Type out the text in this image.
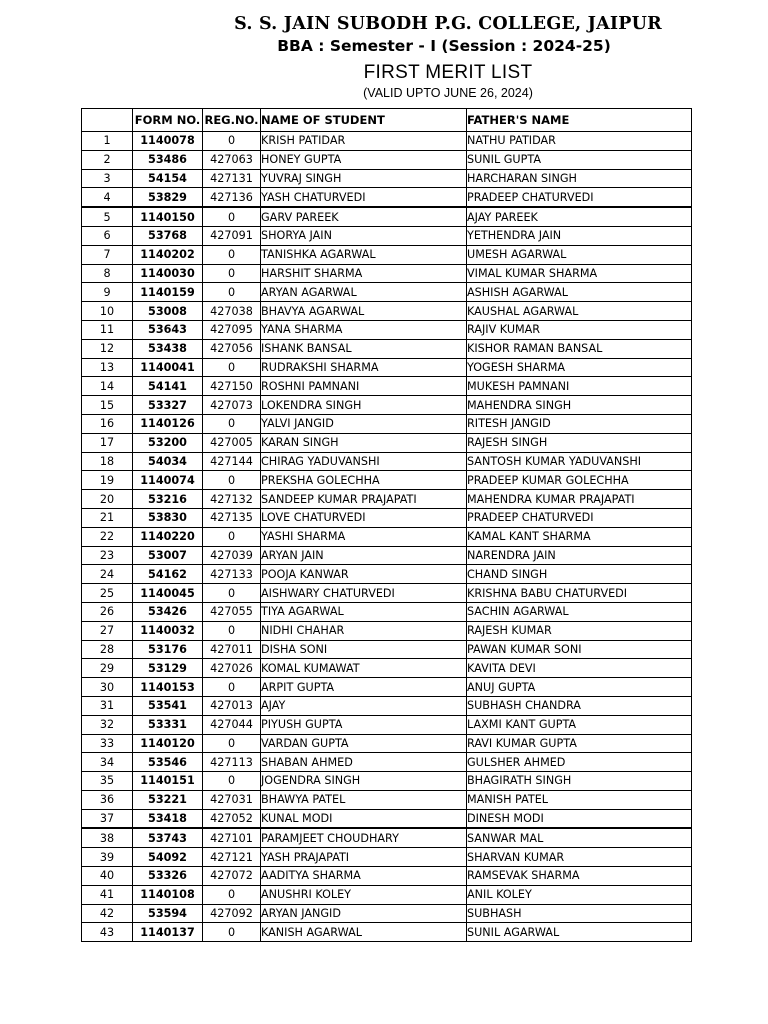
S. S. JAIN SUBODH P.G. COLLEGE, JAIPUR
BBA : Semester - I (Session : 2024-25)
FIRST MERIT LIST
(VALID UPTO JUNE 26, 2024)
	FORM NO.	REG.NO.	NAME OF STUDENT	FATHER'S NAME
1	1140078	0	KRISH PATIDAR	NATHU PATIDAR
2	53486	427063	HONEY GUPTA	SUNIL GUPTA
3	54154	427131	YUVRAJ SINGH	HARCHARAN SINGH
4	53829	427136	YASH CHATURVEDI	PRADEEP CHATURVEDI
5	1140150	0	GARV PAREEK	AJAY PAREEK
6	53768	427091	SHORYA JAIN	YETHENDRA JAIN
7	1140202	0	TANISHKA AGARWAL	UMESH AGARWAL
8	1140030	0	HARSHIT SHARMA	VIMAL KUMAR SHARMA
9	1140159	0	ARYAN AGARWAL	ASHISH AGARWAL
10	53008	427038	BHAVYA AGARWAL	KAUSHAL AGARWAL
11	53643	427095	YANA SHARMA	RAJIV KUMAR
12	53438	427056	ISHANK BANSAL	KISHOR RAMAN BANSAL
13	1140041	0	RUDRAKSHI SHARMA	YOGESH SHARMA
14	54141	427150	ROSHNI PAMNANI	MUKESH PAMNANI
15	53327	427073	LOKENDRA SINGH	MAHENDRA SINGH
16	1140126	0	YALVI JANGID	RITESH JANGID
17	53200	427005	KARAN SINGH	RAJESH SINGH
18	54034	427144	CHIRAG YADUVANSHI	SANTOSH KUMAR YADUVANSHI
19	1140074	0	PREKSHA GOLECHHA	PRADEEP KUMAR GOLECHHA
20	53216	427132	SANDEEP KUMAR PRAJAPATI	MAHENDRA KUMAR PRAJAPATI
21	53830	427135	LOVE CHATURVEDI	PRADEEP CHATURVEDI
22	1140220	0	YASHI SHARMA	KAMAL KANT SHARMA
23	53007	427039	ARYAN JAIN	NARENDRA JAIN
24	54162	427133	POOJA KANWAR	CHAND SINGH
25	1140045	0	AISHWARY CHATURVEDI	KRISHNA BABU CHATURVEDI
26	53426	427055	TIYA AGARWAL	SACHIN AGARWAL
27	1140032	0	NIDHI CHAHAR	RAJESH KUMAR
28	53176	427011	DISHA SONI	PAWAN KUMAR SONI
29	53129	427026	KOMAL KUMAWAT	KAVITA DEVI
30	1140153	0	ARPIT GUPTA	ANUJ GUPTA
31	53541	427013	AJAY	SUBHASH CHANDRA
32	53331	427044	PIYUSH GUPTA	LAXMI KANT GUPTA
33	1140120	0	VARDAN GUPTA	RAVI KUMAR GUPTA
34	53546	427113	SHABAN AHMED	GULSHER AHMED
35	1140151	0	JOGENDRA SINGH	BHAGIRATH SINGH
36	53221	427031	BHAWYA PATEL	MANISH PATEL
37	53418	427052	KUNAL MODI	DINESH MODI
38	53743	427101	PARAMJEET CHOUDHARY	SANWAR MAL
39	54092	427121	YASH PRAJAPATI	SHARVAN KUMAR
40	53326	427072	AADITYA SHARMA	RAMSEVAK SHARMA
41	1140108	0	ANUSHRI KOLEY	ANIL KOLEY
42	53594	427092	ARYAN JANGID	SUBHASH
43	1140137	0	KANISH AGARWAL	SUNIL AGARWAL
